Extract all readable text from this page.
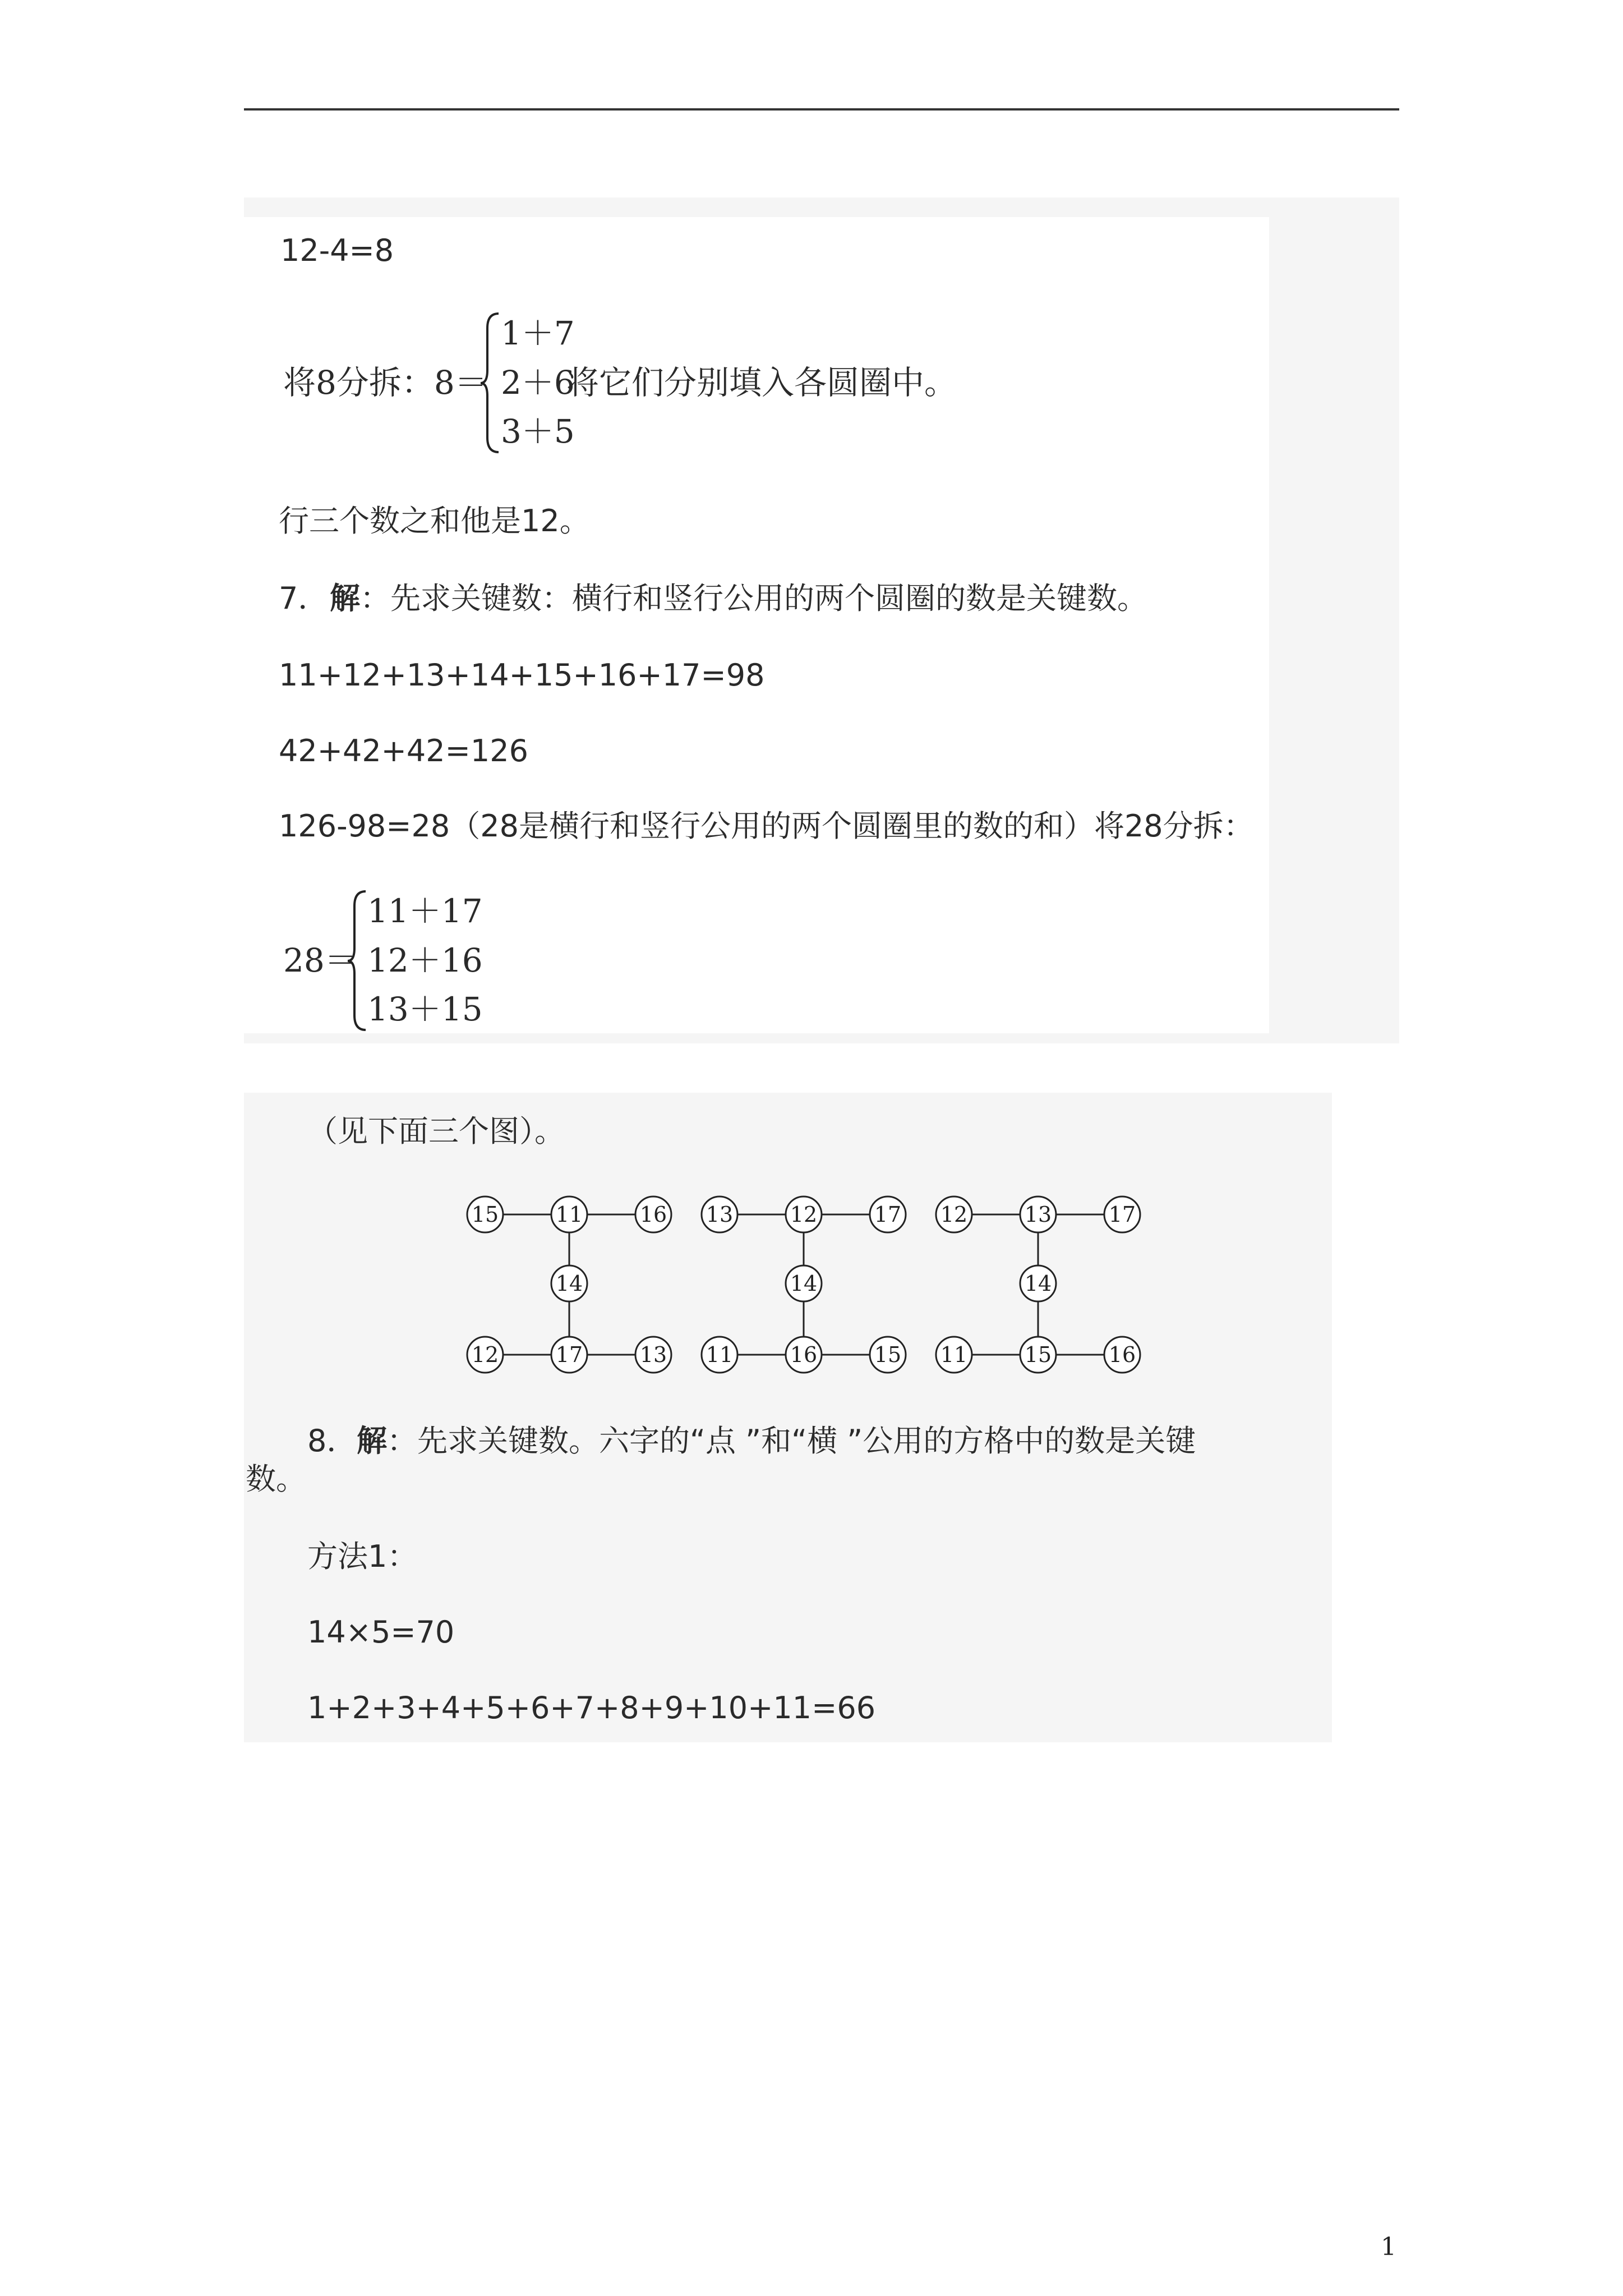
12-4=8
将8分拆：8＝
1＋7
2＋6
将它们分别填入各圆圈中。
3＋5
行三个数之和他是12。
7． 解 ：先求关键数：横行和竖行公用的两个圆圈的数是关键数。
11+12+13+14+15+16+17=98
42+42+42=126
126-98=28（28是横行和竖行公用的两个圆圈里的数的和）将28分拆：
28＝
11＋17
12＋16
13＋15
（见下面三个图）。
15	11	16
14
12	17	13
13	12	17
14
11	16	15
12	13	17
14
11	15	16
8． 解 ：先求关键数。六字的“点 ”和“横 ”公用的方格中的数是关键
数。
方法1：
14×5=70
1+2+3+4+5+6+7+8+9+10+11=66
1
